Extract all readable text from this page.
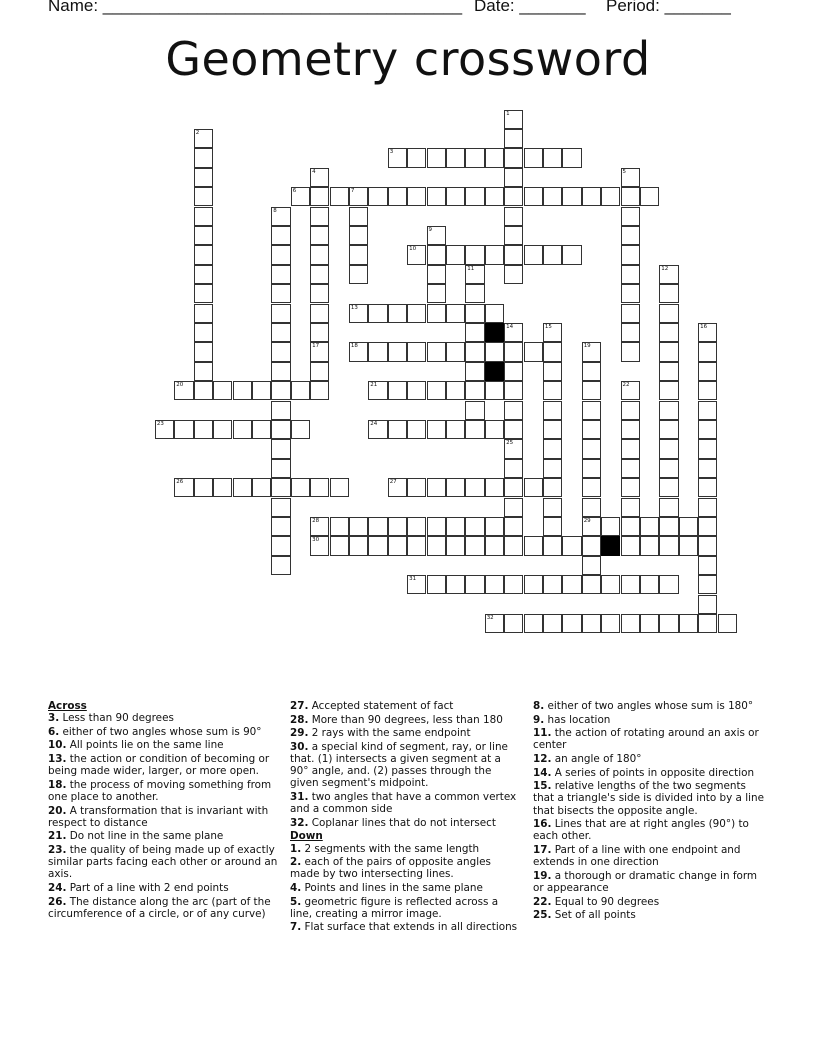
Name: ______________________________________ Date: _______ Period: _______
Geometry crossword
3
6	7
10
13
18
20	21
23	24
26	27
28	29
30
31
32
1
2
4	5
8
9
11	12
14
25
15	16
17	19
22
Across
3. Less than 90 degrees
6. either of two angles whose sum is 90°
10. All points lie on the same line
13. the action or condition of becoming or being made wider, larger, or more open.
18. the process of moving something from one place to another.
20. A transformation that is invariant with respect to distance
21. Do not line in the same plane
23. the quality of being made up of exactly similar parts facing each other or around an axis.
24. Part of a line with 2 end points
26. The distance along the arc (part of the circumference of a circle, or of any curve)
27. Accepted statement of fact
28. More than 90 degrees, less than 180
29. 2 rays with the same endpoint
30. a special kind of segment, ray, or line that. (1) intersects a given segment at a 90° angle, and. (2) passes through the given segment's midpoint.
31. two angles that have a common vertex and a common side
32. Coplanar lines that do not intersect
Down
1. 2 segments with the same length
2. each of the pairs of opposite angles made by two intersecting lines.
4. Points and lines in the same plane
5. geometric figure is reflected across a line, creating a mirror image.
7. Flat surface that extends in all directions
8. either of two angles whose sum is 180°
9. has location
11. the action of rotating around an axis or center
12. an angle of 180°
14. A series of points in opposite direction
15. relative lengths of the two segments that a triangle's side is divided into by a line that bisects the opposite angle.
16. Lines that are at right angles (90°) to each other.
17. Part of a line with one endpoint and extends in one direction
19. a thorough or dramatic change in form or appearance
22. Equal to 90 degrees
25. Set of all points
